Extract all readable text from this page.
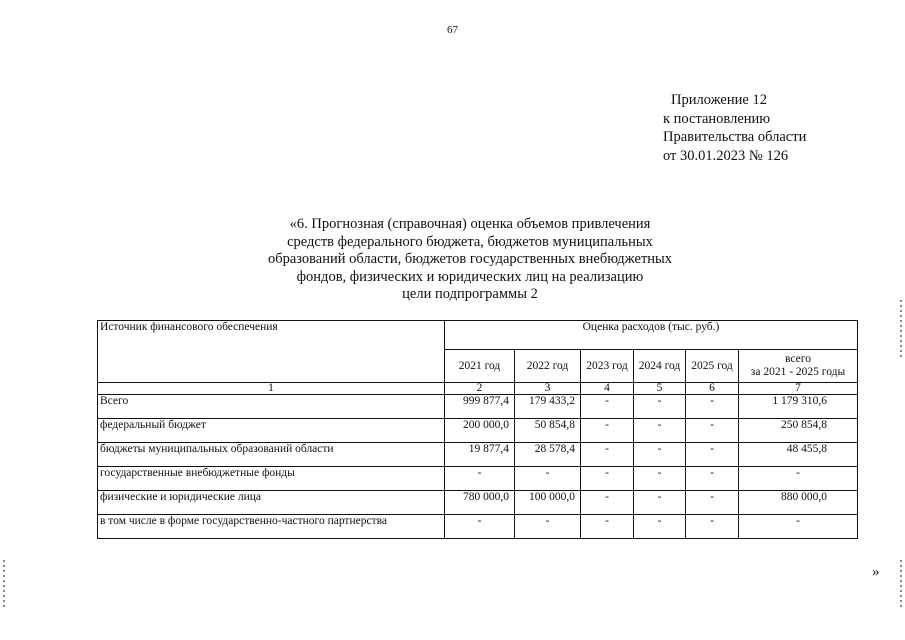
67
Приложение 12
к постановлению
Правительства области
от 30.01.2023 № 126
«6. Прогнозная (справочная) оценка объемов привлечения
средств федерального бюджета, бюджетов муниципальных
образований области, бюджетов государственных внебюджетных
фондов, физических и юридических лиц на реализацию
цели подпрограммы 2
Источник финансового обеспечения	Оценка расходов (тыс. руб.)					
	2021 год	2022 год	2023 год	2024 год	2025 год	всего
за 2021 - 2025 годы

1	2	3	4	5	6	7
Всего	999 877,4	179 433,2	-	-	-	1 179 310,6
федеральный бюджет	200 000,0	50 854,8	-	-	-	250 854,8
бюджеты муниципальных образований области	19 877,4	28 578,4	-	-	-	48 455,8
государственные внебюджетные фонды	-	-	-	-	-	-
физические и юридические лица	780 000,0	100 000,0	-	-	-	880 000,0
в том числе в форме государственно-частного партнерства	-	-	-	-	-	-
»
